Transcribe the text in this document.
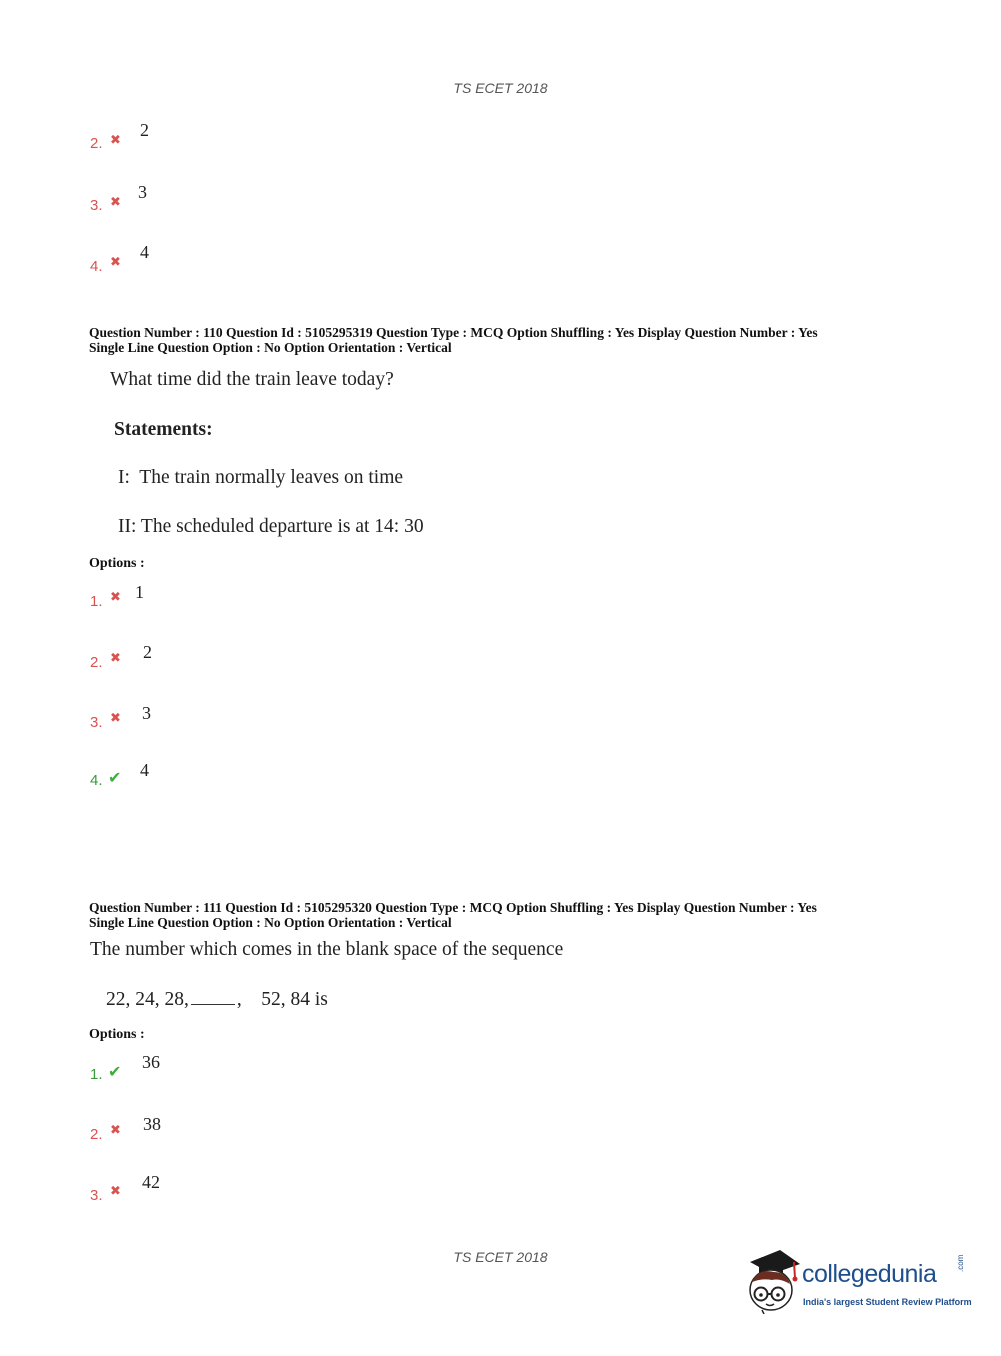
TS ECET 2018
2. ✖
2
3. ✖
3
4. ✖
4
Question Number : 110 Question Id : 5105295319 Question Type : MCQ Option Shuffling : Yes Display Question Number : Yes
Single Line Question Option : No Option Orientation : Vertical
What time did the train leave today?
Statements:
I:  The train normally leaves on time
II: The scheduled departure is at 14: 30
Options :
1. ✖ 1
2. ✖ 2
3. ✖ 3
4. ✔ 4
Question Number : 111 Question Id : 5105295320 Question Type : MCQ Option Shuffling : Yes Display Question Number : Yes
Single Line Question Option : No Option Orientation : Vertical
The number which comes in the blank space of the sequence
22, 24, 28, ,    52, 84 is
Options :
1. ✔ 36
2. ✖ 38
3. ✖ 42
TS ECET 2018
collegedunia .com
India's largest Student Review Platform
